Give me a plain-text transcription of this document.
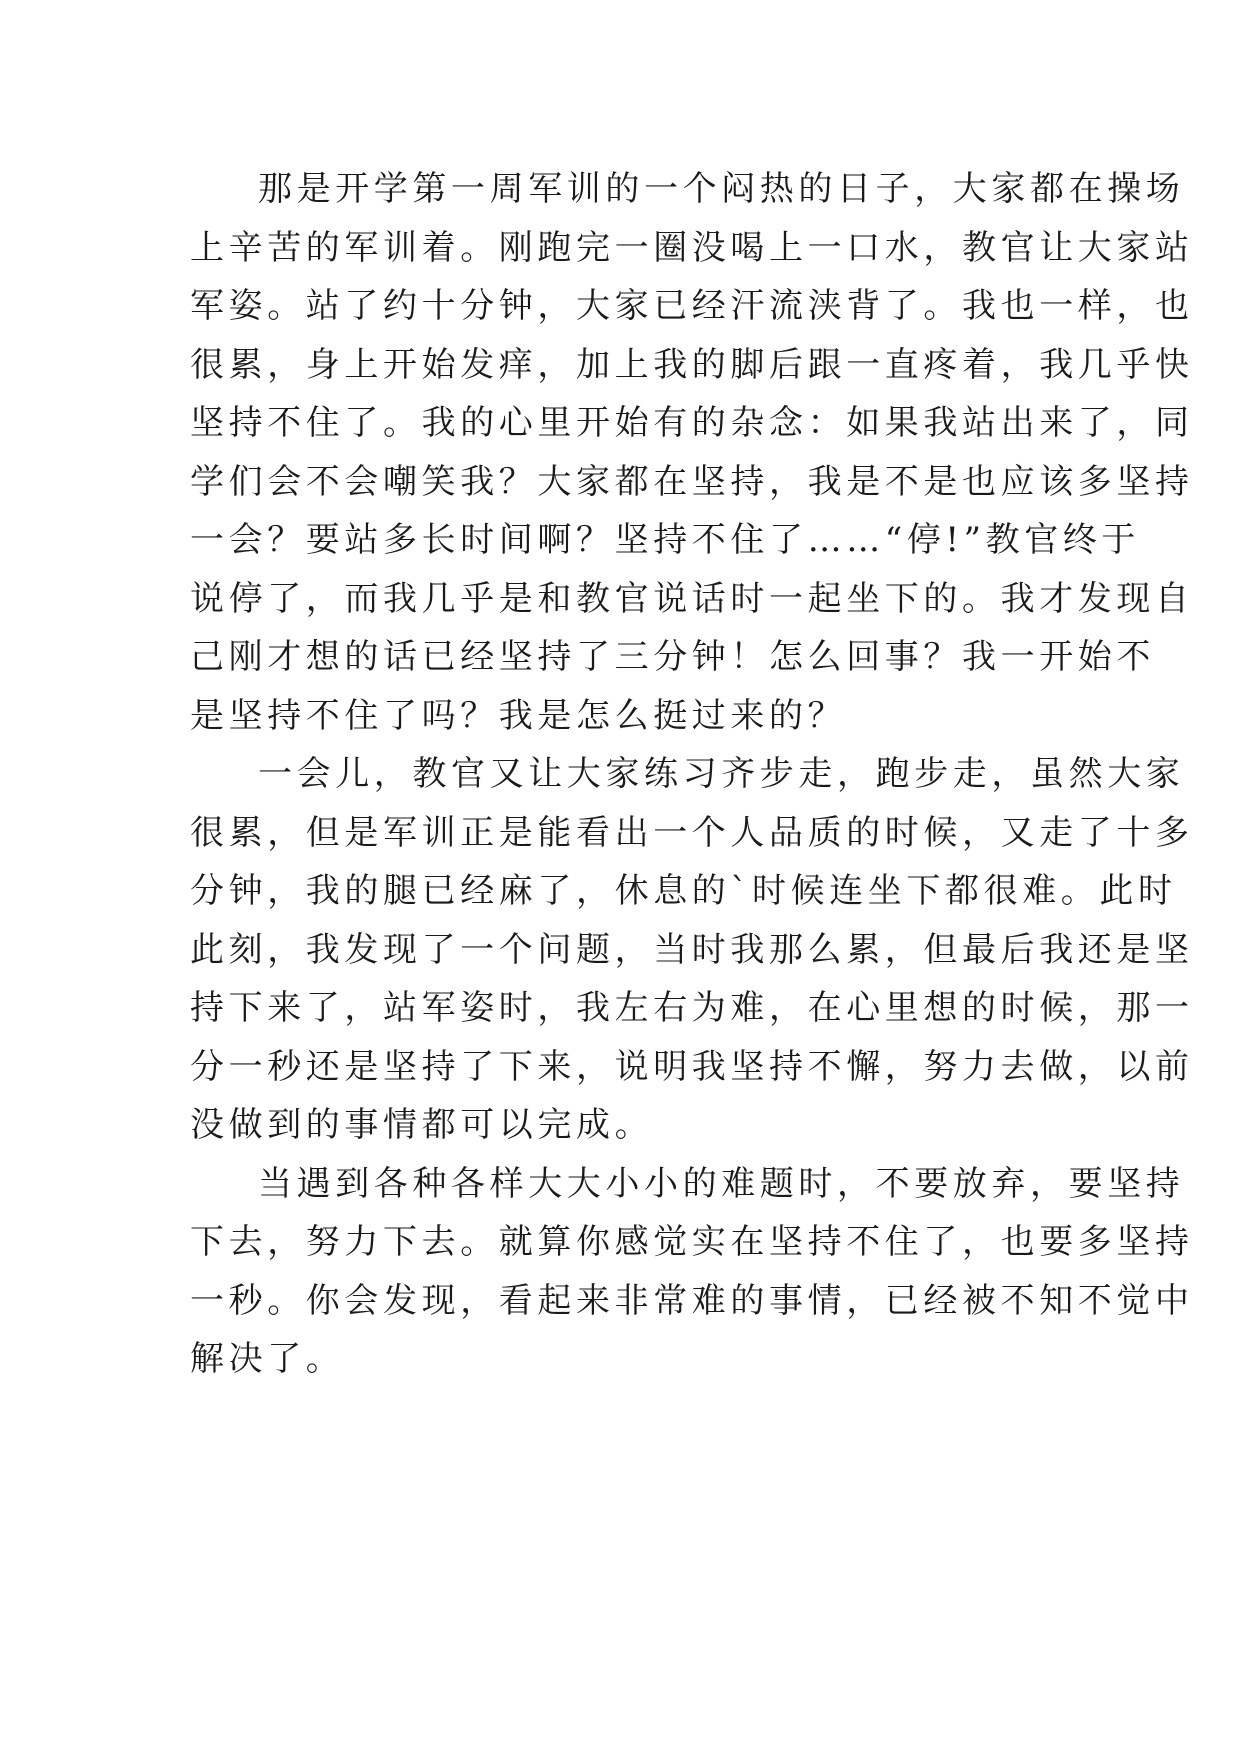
那是开学第一周军训的一个闷热的日子，大家都在操场
上辛苦的军训着。刚跑完一圈没喝上一口水，教官让大家站
军姿。站了约十分钟，大家已经汗流浃背了。我也一样，也
很累，身上开始发痒，加上我的脚后跟一直疼着，我几乎快
坚持不住了。我的心里开始有的杂念：如果我站出来了，同
学们会不会嘲笑我？大家都在坚持，我是不是也应该多坚持
一会？要站多长时间啊？坚持不住了……“停!”教官终于
说停了，而我几乎是和教官说话时一起坐下的。我才发现自
己刚才想的话已经坚持了三分钟！怎么回事？我一开始不
是坚持不住了吗？我是怎么挺过来的？

一会儿，教官又让大家练习齐步走，跑步走，虽然大家
很累，但是军训正是能看出一个人品质的时候，又走了十多
分钟，我的腿已经麻了，休息的`时候连坐下都很难。此时
此刻，我发现了一个问题，当时我那么累，但最后我还是坚
持下来了，站军姿时，我左右为难，在心里想的时候，那一
分一秒还是坚持了下来，说明我坚持不懈，努力去做，以前
没做到的事情都可以完成。

当遇到各种各样大大小小的难题时，不要放弃，要坚持
下去，努力下去。就算你感觉实在坚持不住了，也要多坚持
一秒。你会发现，看起来非常难的事情，已经被不知不觉中
解决了。
